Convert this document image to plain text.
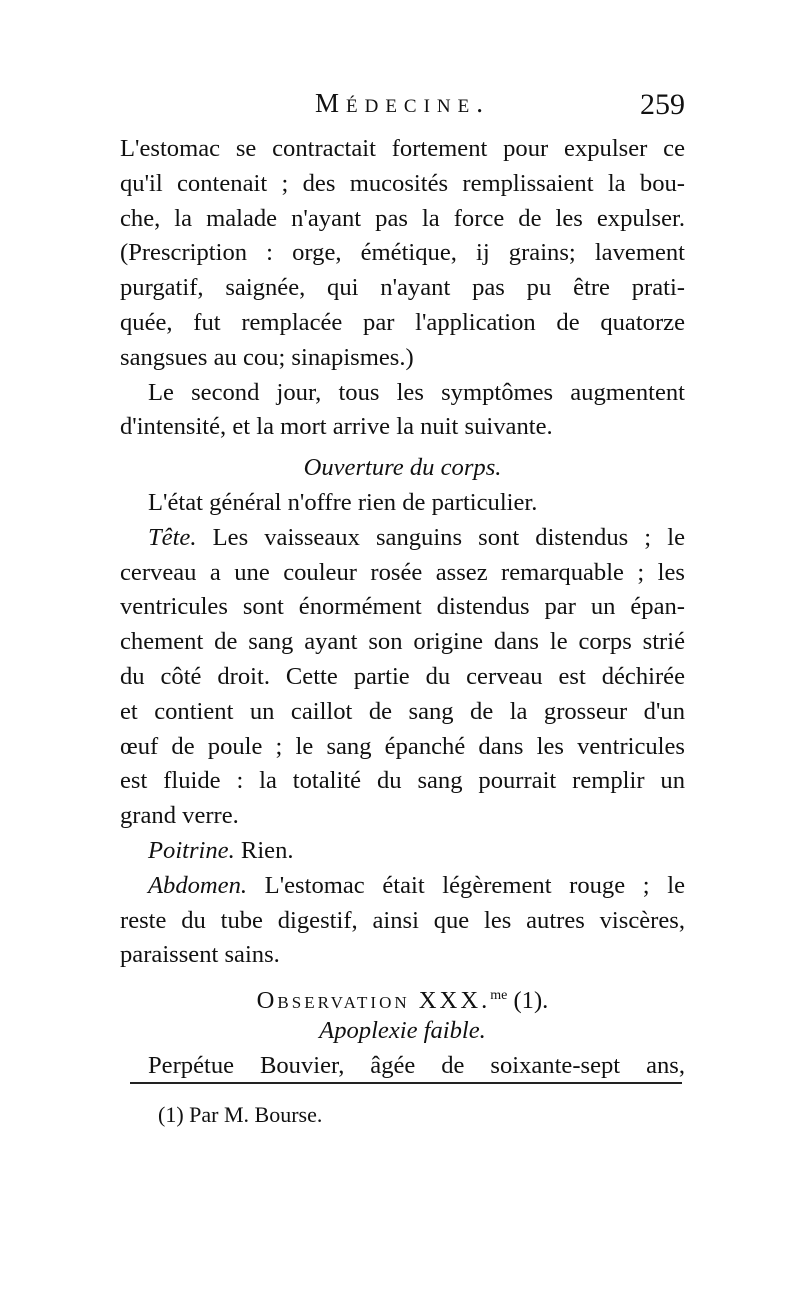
Médecine.	259
L'estomac se contractait fortement pour expulser ce
qu'il contenait ; des mucosités remplissaient la bou-
che, la malade n'ayant pas la force de les expulser.
(Prescription : orge, émétique, ij grains; lavement
purgatif, saignée, qui n'ayant pas pu être prati-
quée, fut remplacée par l'application de quatorze
sangsues au cou; sinapismes.)
Le second jour, tous les symptômes augmentent
d'intensité, et la mort arrive la nuit suivante.
Ouverture du corps.
L'état général n'offre rien de particulier.
Tête. Les vaisseaux sanguins sont distendus ; le
cerveau a une couleur rosée assez remarquable ; les
ventricules sont énormément distendus par un épan-
chement de sang ayant son origine dans le corps strié
du côté droit. Cette partie du cerveau est déchirée
et contient un caillot de sang de la grosseur d'un
œuf de poule ; le sang épanché dans les ventricules
est fluide : la totalité du sang pourrait remplir un
grand verre.
Poitrine. Rien.
Abdomen. L'estomac était légèrement rouge ; le
reste du tube digestif, ainsi que les autres viscères,
paraissent sains.
Observation XXX.$^{me}$ (1).
Apoplexie faible.
Perpétue Bouvier, âgée de soixante-sept ans,
(1) Par M. Bourse.
